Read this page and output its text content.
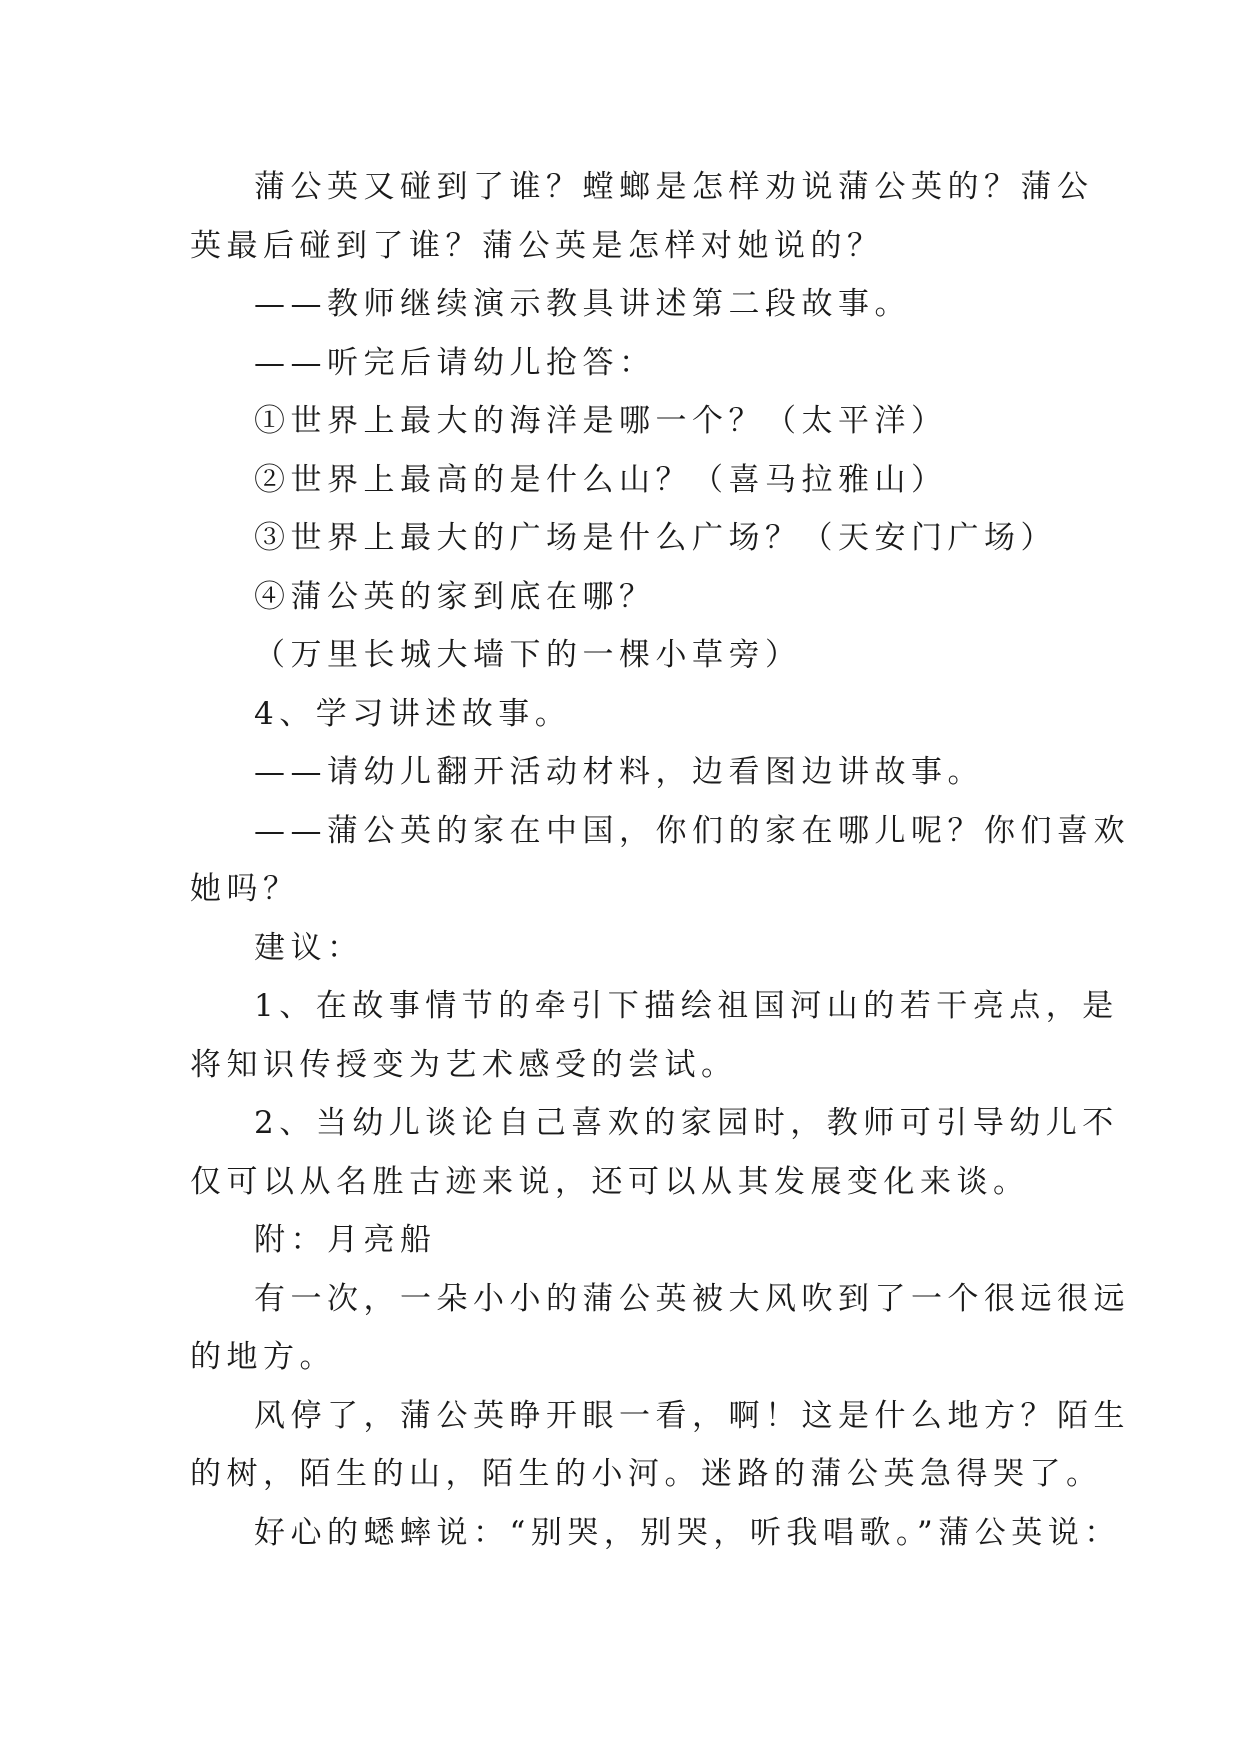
蒲公英又碰到了谁？螳螂是怎样劝说蒲公英的？蒲公
英最后碰到了谁？蒲公英是怎样对她说的？
——教师继续演示教具讲述第二段故事。
——听完后请幼儿抢答：
①世界上最大的海洋是哪一个？（太平洋）
②世界上最高的是什么山？（喜马拉雅山）
③世界上最大的广场是什么广场？（天安门广场）
④蒲公英的家到底在哪？
（万里长城大墙下的一棵小草旁）
4、学习讲述故事。
——请幼儿翻开活动材料，边看图边讲故事。
——蒲公英的家在中国，你们的家在哪儿呢？你们喜欢
她吗？
建议：
1、在故事情节的牵引下描绘祖国河山的若干亮点，是
将知识传授变为艺术感受的尝试。
2、当幼儿谈论自己喜欢的家园时，教师可引导幼儿不
仅可以从名胜古迹来说，还可以从其发展变化来谈。
附：月亮船
有一次，一朵小小的蒲公英被大风吹到了一个很远很远
的地方。
风停了，蒲公英睁开眼一看，啊！这是什么地方？陌生
的树，陌生的山，陌生的小河。迷路的蒲公英急得哭了。
好心的蟋蟀说：“别哭，别哭，听我唱歌。”蒲公英说：
